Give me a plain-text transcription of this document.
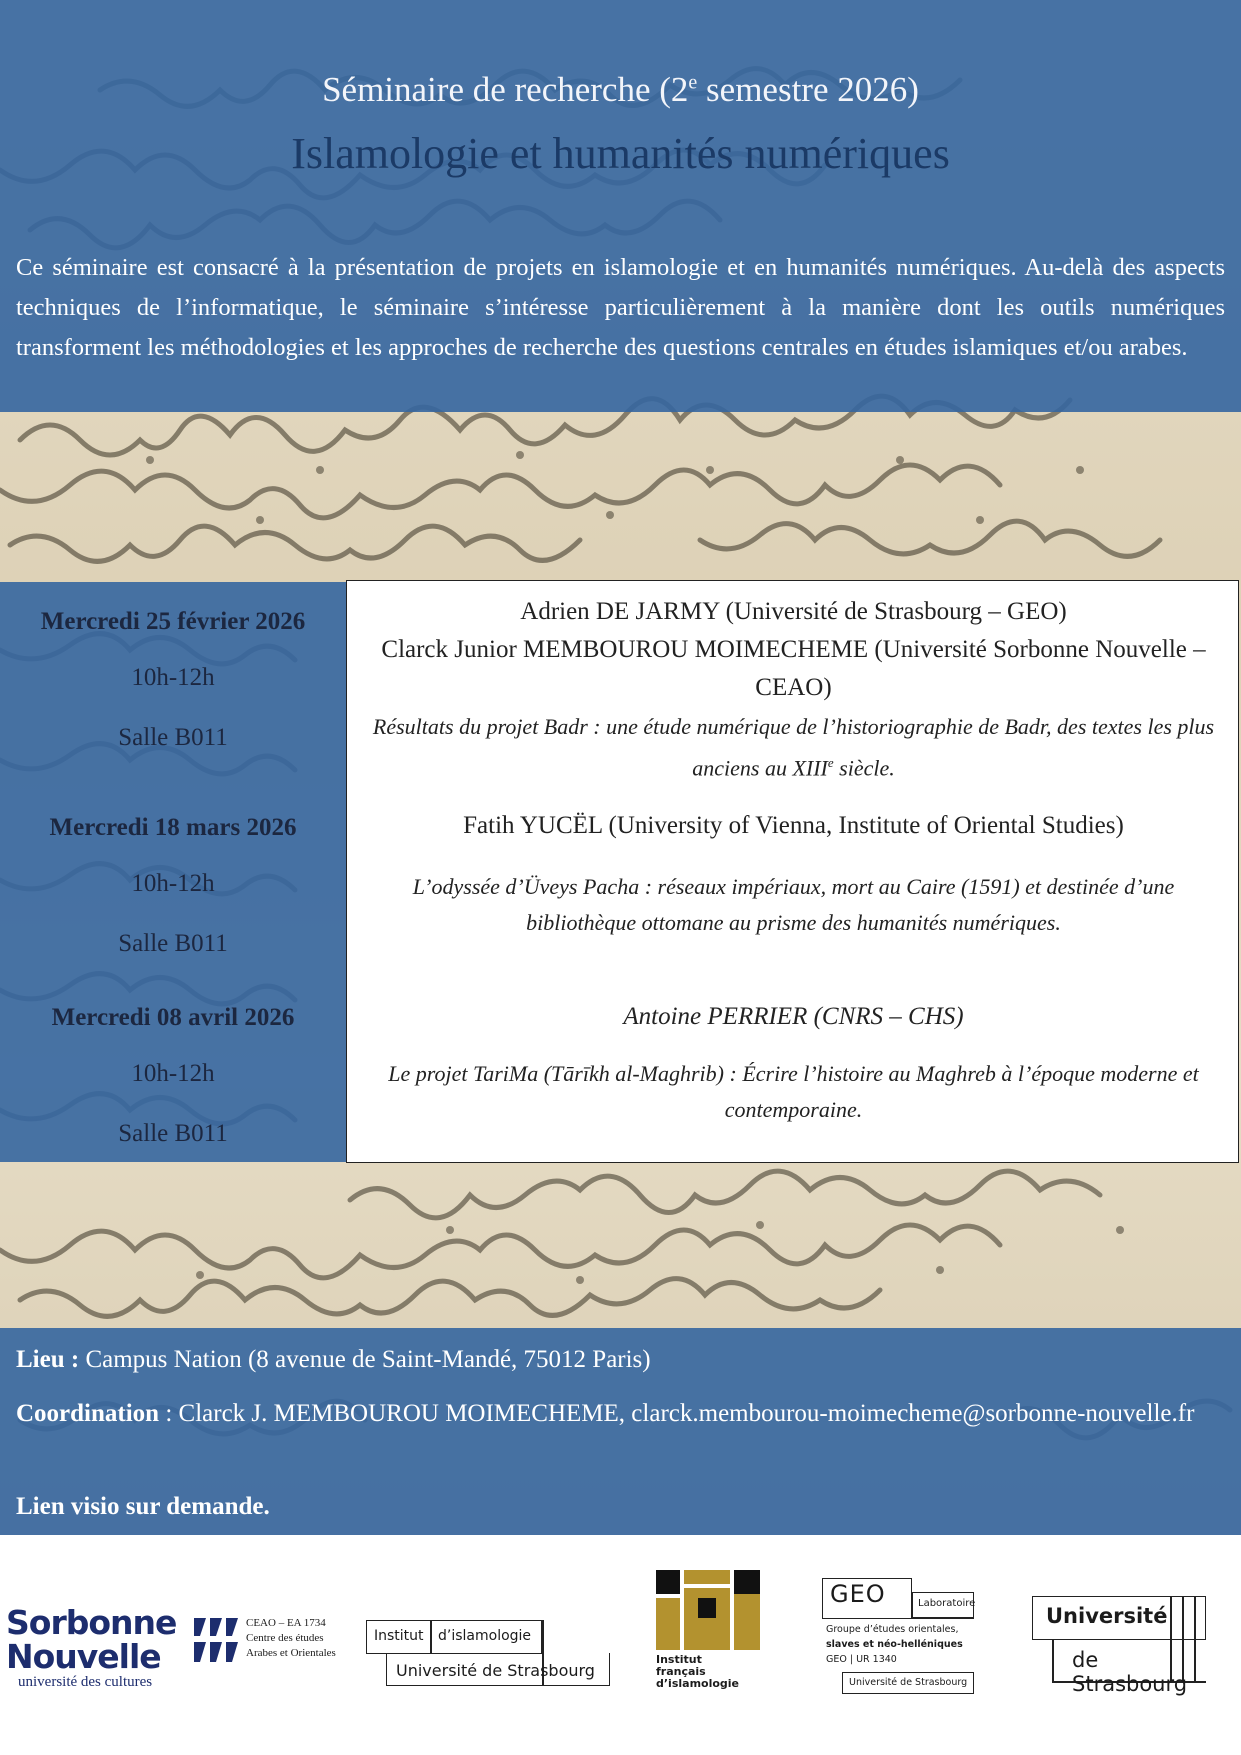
Séminaire de recherche (2e semestre 2026)
Islamologie et humanités numériques
Ce séminaire est consacré à la présentation de projets en islamologie et en humanités numériques. Au-delà des aspects techniques de l’informatique, le séminaire s’intéresse particulièrement à la manière dont les outils numériques transforment les méthodologies et les approches de recherche des questions centrales en études islamiques et/ou arabes.
Mercredi 25 février 2026
10h-12h
Salle B011
Mercredi 18 mars 2026
10h-12h
Salle B011
Mercredi 08 avril 2026
10h-12h
Salle B011
Adrien DE JARMY (Université de Strasbourg – GEO)
Clarck Junior MEMBOUROU MOIMECHEME (Université Sorbonne Nouvelle – CEAO)
Résultats du projet Badr : une étude numérique de l’historiographie de Badr, des textes les plus anciens au XIIIe siècle.
Fatih YUCËL (University of Vienna, Institute of Oriental Studies)
L’odyssée d’Üveys Pacha : réseaux impériaux, mort au Caire (1591) et destinée d’une bibliothèque ottomane au prisme des humanités numériques.
Antoine PERRIER (CNRS – CHS)
Le projet TariMa (Tārīkh al-Maghrib) : Écrire l’histoire au Maghreb à l’époque moderne et contemporaine.
Lieu : Campus Nation (8 avenue de Saint-Mandé, 75012 Paris)
Coordination : Clarck J. MEMBOUROU MOIMECHEME, clarck.membourou-moimecheme@sorbonne-nouvelle.fr
Lien visio sur demande.
Sorbonne
Nouvelle
université des cultures
CEAO – EA 1734
Centre des études
Arabes et Orientales
Institut d’islamologie
Université de Strasbourg
Institut
français
d’islamologie
GEO	Laboratoire
Groupe d’études orientales,
slaves et néo-helléniques
GEO | UR 1340
Université de Strasbourg
Université
de Strasbourg
